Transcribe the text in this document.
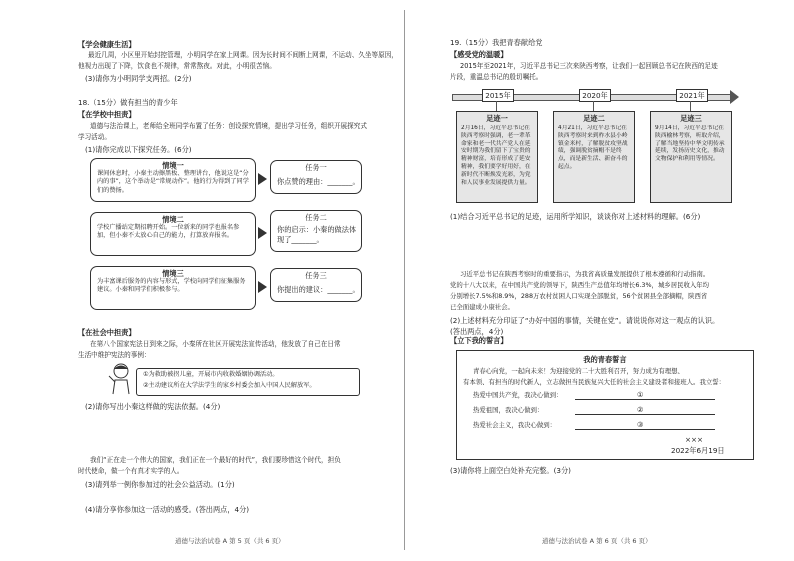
【学会健康生活】
最近几周，小区里开始封控管理，小明同学在家上网课。因为长时间不间断上网课，不运动、久坐等原因，
他视力出现了下降，饮食也不规律，常常熬夜。对此，小明很苦恼。
(3)请你为小明同学支两招。(2分)
18.（15分）做有担当的青少年
【在学校中担责】
道德与法治课上，老师给全班同学布置了任务：创设探究情境，提出学习任务，组织开展探究式
学习活动。
(1)请你完成以下探究任务。(6分)
情境一
课间休息时，小秦主动擦黑板、整理讲台，他说这是“分内的事”，这个举动是“常规动作”。他的行为得到了同学们的赞扬。
任务一
你点赞的理由：_______。
情境二
学校广播站定期招聘开始。一位新来的同学也报名参加，但小秦不太放心自己的能力，打算放弃报名。
任务二
你的启示：小秦的做法体现了_______。
情境三
为丰富课后服务的内容与形式，学校向同学们征集服务建议。小秦和同学们积极参与。
任务三
你提出的建议：_______。
【在社会中担责】
在第八个国家宪法日到来之际，小秦所在社区开展宪法宣传活动，他发放了自己在日常
生活中维护宪法的事例：
①为救助被拐儿童，开展市内收救婚姻协调活动。
②主动建议所在大学法学生的家乡村委会加入中国人民解放军。
(2)请你写出小秦这样做的宪法依据。(4分)
我们“正在走一个伟大的国家，我们正在一个最好的时代”，我们要珍惜这个时代，担负
时代使命，做一个有真才实学的人。
(3)请列举一例你参加过的社会公益活动。(1分)
(4)请分享你参加这一活动的感受。(答出两点，4分)
道德与法治试卷 A 第 5 页（共 6 页）
19.（15分）我把青春献给党
【感受党的温暖】
2015年至2021年，习近平总书记三次来陕西考察，让我们一起回顾总书记在陕西的足迹
片段，重温总书记的殷切嘱托。
2015年	2020年	2021年
足迹一
2月16日，习近平总书记在陕西考察时强调，老一辈革命家和老一代共产党人在延安时期为我们留下了宝贵的精神财富，培育形成了延安精神，我们要学好用好，在新时代不断焕发光彩，为党和人民事业发展提供力量。
足迹二
4月21日，习近平总书记在陕西考察时来到柞水县小岭镇金米村，了解脱贫攻坚战绩，强调脱贫摘帽不是终点，而是新生活、新奋斗的起点。
足迹三
9月14日，习近平总书记在陕西榆林考察，听取介绍，了解当地坚持中华文明传承延续，发扬历史文化，推动文物保护和利用等情况。
(1)结合习近平总书记的足迹，运用所学知识，谈谈你对上述材料的理解。(6分)
习近平总书记在陕西考察时的重要指示，为我省高质量发展提供了根本遵循和行动指南。
党的十八大以来，在中国共产党的领导下，陕西生产总值年均增长6.3%，城乡居民收入年均
分别增长7.5%和8.9%，288万农村贫困人口实现全部脱贫，56个贫困县全部摘帽，陕西省
已全面建成小康社会。
(2)上述材料充分印证了“办好中国的事情，关键在党”。请说说你对这一观点的认识。
(答出两点，4分)
【立下我的誓言】
我的青春誓言
青春心向党，一起向未来！为迎接党的二十大胜利召开，努力成为有理想、
有本领、有担当的时代新人，立志做担当民族复兴大任的社会主义建设者和接班人。我立誓：
热爱中国共产党，我决心做到：	①
热爱祖国，我决心做到：	②
热爱社会主义，我决心做到：	③
×××
2022年6月19日
(3)请你将上面空白处补充完整。(3分)
道德与法治试卷 A 第 6 页（共 6 页）
